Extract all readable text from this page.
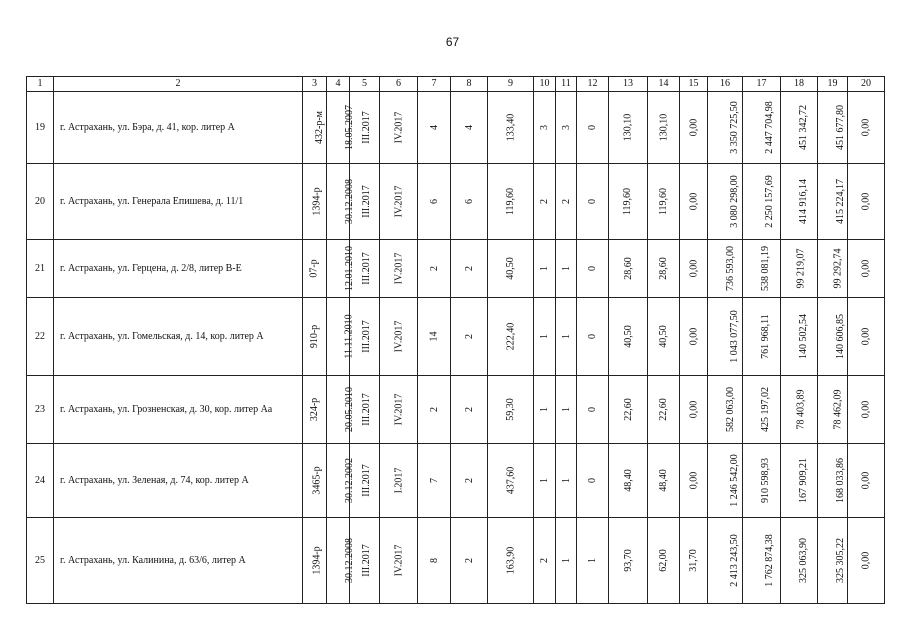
67
1	2	3	4	5	6	7	8	9	10	11	12	13	14	15	16	17	18	19	20
19	г. Астрахань, ул. Бэра, д. 41, кор. литер А	432-р-м	18.05.2007	III.2017	IV.2017	4	4	133,40	3	3	0	130,10	130,10	0,00	3 350 725,50	2 447 704,98	451 342,72	451 677,80	0,00
20	г. Астрахань, ул. Генерала Епишева, д. 11/1	1394-р	30.12.2008	III.2017	IV.2017	6	6	119,60	2	2	0	119,60	119,60	0,00	3 080 298,00	2 250 157,69	414 916,14	415 224,17	0,00
21	г. Астрахань, ул. Герцена, д. 2/8, литер В-Е	07-р	12.01.2010	III.2017	IV.2017	2	2	40,50	1	1	0	28,60	28,60	0,00	736 593,00	538 081,19	99 219,07	99 292,74	0,00
22	г. Астрахань, ул. Гомельская, д. 14, кор. литер А	910-р	11.11.2010	III.2017	IV.2017	14	2	222,40	1	1	0	40,50	40,50	0,00	1 043 077,50	761 968,11	140 502,54	140 606,85	0,00
23	г. Астрахань, ул. Грозненская, д. 30, кор. литер Аа	324-р	20.05.2010	III.2017	IV.2017	2	2	59,30	1	1	0	22,60	22,60	0,00	582 063,00	425 197,02	78 403,89	78 462,09	0,00
24	г. Астрахань, ул. Зеленая, д. 74, кор. литер А	3465-р	30.12.2002	III.2017	I.2017	7	2	437,60	1	1	0	48,40	48,40	0,00	1 246 542,00	910 598,93	167 909,21	168 033,86	0,00
25	г. Астрахань, ул. Калинина, д. 63/6, литер А	1394-р	30.12.2008	III.2017	IV.2017	8	2	163,90	2	1	1	93,70	62,00	31,70	2 413 243,50	1 762 874,38	325 063,90	325 305,22	0,00
